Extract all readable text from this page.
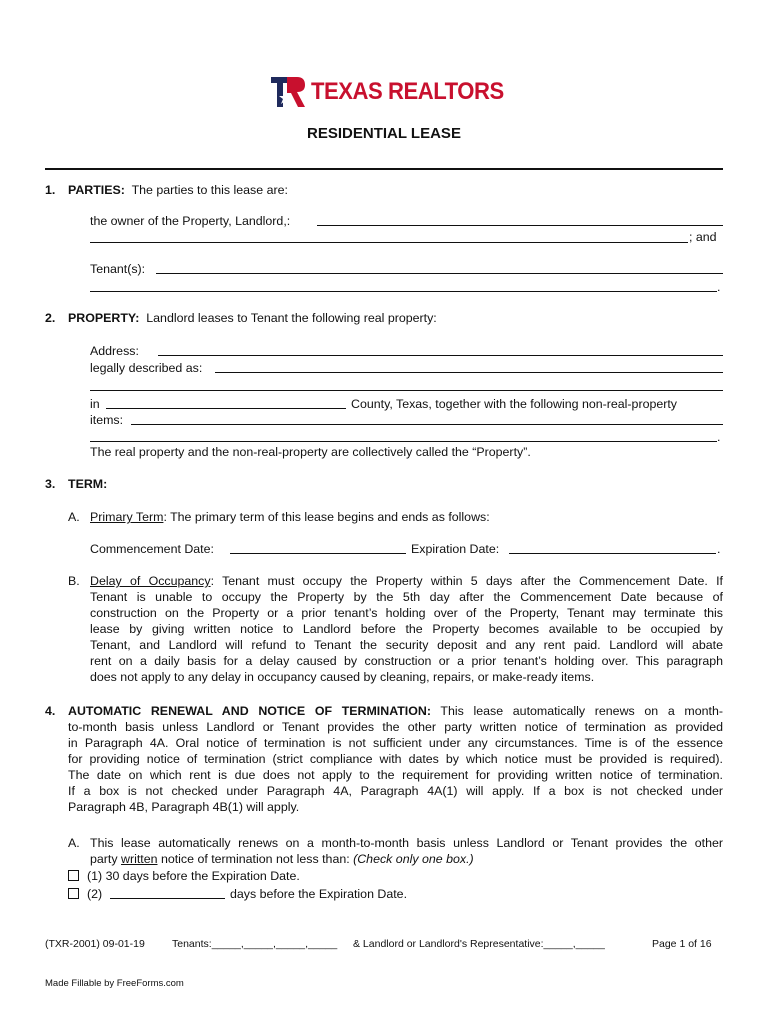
TEXAS REALTORS
RESIDENTIAL LEASE
1. PARTIES: The parties to this lease are:
the owner of the Property, Landlord,:
; and
Tenant(s):
.
2. PROPERTY: Landlord leases to Tenant the following real property:
Address:
legally described as:
in	County, Texas, together with the following non-real-property
items:
.
The real property and the non-real-property are collectively called the “Property”.
3. TERM:
A. Primary Term: The primary term of this lease begins and ends as follows:
Commencement Date:	Expiration Date:	.
B. Delay of Occupancy: Tenant must occupy the Property within 5 days after the Commencement Date. If
Tenant is unable to occupy the Property by the 5th day after the Commencement Date because of
construction on the Property or a prior tenant’s holding over of the Property, Tenant may terminate this
lease by giving written notice to Landlord before the Property becomes available to be occupied by
Tenant, and Landlord will refund to Tenant the security deposit and any rent paid. Landlord will abate
rent on a daily basis for a delay caused by construction or a prior tenant’s holding over. This paragraph
does not apply to any delay in occupancy caused by cleaning, repairs, or make-ready items.
4. AUTOMATIC RENEWAL AND NOTICE OF TERMINATION: This lease automatically renews on a month-
to-month basis unless Landlord or Tenant provides the other party written notice of termination as provided
in Paragraph 4A. Oral notice of termination is not sufficient under any circumstances. Time is of the essence
for providing notice of termination (strict compliance with dates by which notice must be provided is required).
The date on which rent is due does not apply to the requirement for providing written notice of termination.
If a box is not checked under Paragraph 4A, Paragraph 4A(1) will apply. If a box is not checked under
Paragraph 4B, Paragraph 4B(1) will apply.
A. This lease automatically renews on a month-to-month basis unless Landlord or Tenant provides the other
party written notice of termination not less than: (Check only one box.)
(1) 30 days before the Expiration Date.
(2)	days before the Expiration Date.
(TXR-2001) 09-01-19	Tenants:_____,_____,_____,_____ & Landlord or Landlord's Representative:_____,_____	Page 1 of 16
Made Fillable by FreeForms.com
